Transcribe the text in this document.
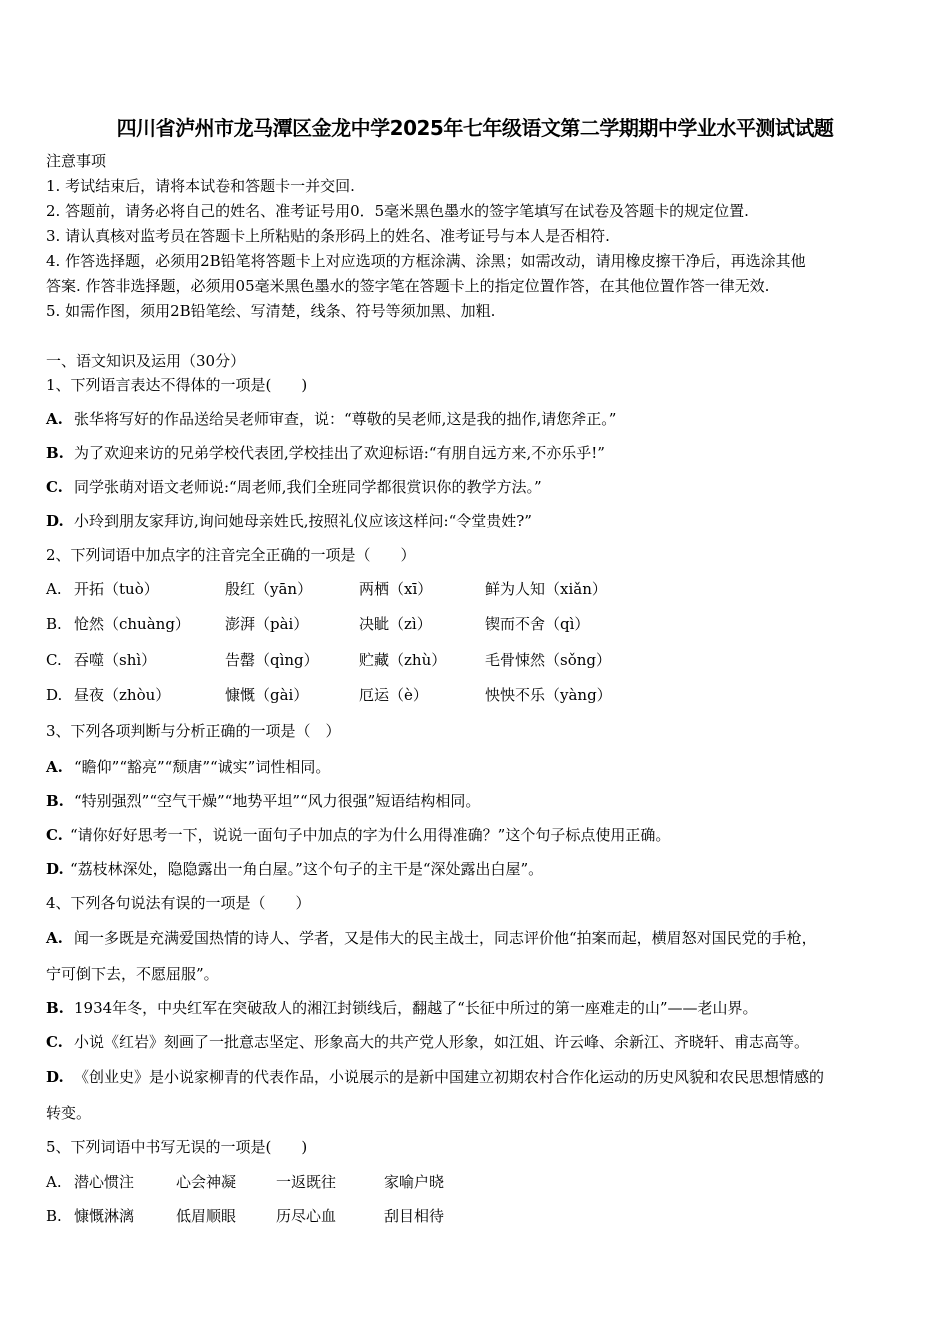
四川省泸州市龙马潭区金龙中学2025年七年级语文第二学期期中学业水平测试试题
注意事项
1. 考试结束后，请将本试卷和答题卡一并交回.
2. 答题前，请务必将自己的姓名、准考证号用0．5毫米黑色墨水的签字笔填写在试卷及答题卡的规定位置.
3. 请认真核对监考员在答题卡上所粘贴的条形码上的姓名、准考证号与本人是否相符.
4. 作答选择题，必须用2B铅笔将答题卡上对应选项的方框涂满、涂黑；如需改动，请用橡皮擦干净后，再选涂其他
答案. 作答非选择题，必须用05毫米黑色墨水的签字笔在答题卡上的指定位置作答，在其他位置作答一律无效.
5. 如需作图，须用2B铅笔绘、写清楚，线条、符号等须加黑、加粗.
一、语文知识及运用（30分）
1、下列语言表达不得体的一项是(　　)
A. 张华将写好的作品送给吴老师审查，说：“尊敬的吴老师,这是我的拙作,请您斧正。”
B. 为了欢迎来访的兄弟学校代表团,学校挂出了欢迎标语:“有朋自远方来,不亦乐乎!”
C. 同学张萌对语文老师说:“周老师,我们全班同学都很赏识你的教学方法。”
D. 小玲到朋友家拜访,询问她母亲姓氏,按照礼仪应该这样问:“令堂贵姓?”
2、下列词语中加点字的注音完全正确的一项是（　　）
A. 开拓（tuò）	殷红（yān）	两栖（xī）	鲜为人知（xiǎn）
B. 怆然（chuàng） 澎湃（pài）	决眦（zì）	锲而不舍（qì）
C. 吞噬（shì）	告罄（qìng）	贮藏（zhù）	毛骨悚然（sǒng）
D. 昼夜（zhòu）	慷慨（gài）	厄运（è）	怏怏不乐（yàng）
3、下列各项判断与分析正确的一项是（　）
A. “瞻仰”“豁亮”“颓唐”“诚实”词性相同。
B. “特别强烈”“空气干燥”“地势平坦”“风力很强”短语结构相同。
C. “请你好好思考一下，说说一面句子中加点的字为什么用得准确？”这个句子标点使用正确。
D. “荔枝林深处，隐隐露出一角白屋。”这个句子的主干是“深处露出白屋”。
4、下列各句说法有误的一项是（　　）
A. 闻一多既是充满爱国热情的诗人、学者，又是伟大的民主战士，同志评价他“拍案而起，横眉怒对国民党的手枪，
宁可倒下去，不愿屈服”。
B. 1934年冬，中央红军在突破敌人的湘江封锁线后，翻越了“长征中所过的第一座难走的山”——老山界。
C. 小说《红岩》刻画了一批意志坚定、形象高大的共产党人形象，如江姐、许云峰、余新江、齐晓轩、甫志高等。
D. 《创业史》是小说家柳青的代表作品，小说展示的是新中国建立初期农村合作化运动的历史风貌和农民思想情感的
转变。
5、下列词语中书写无误的一项是(　　)
A. 潜心惯注	心会神凝	一返既往	家喻户晓
B. 慷慨淋漓	低眉顺眼	历尽心血	刮目相待
